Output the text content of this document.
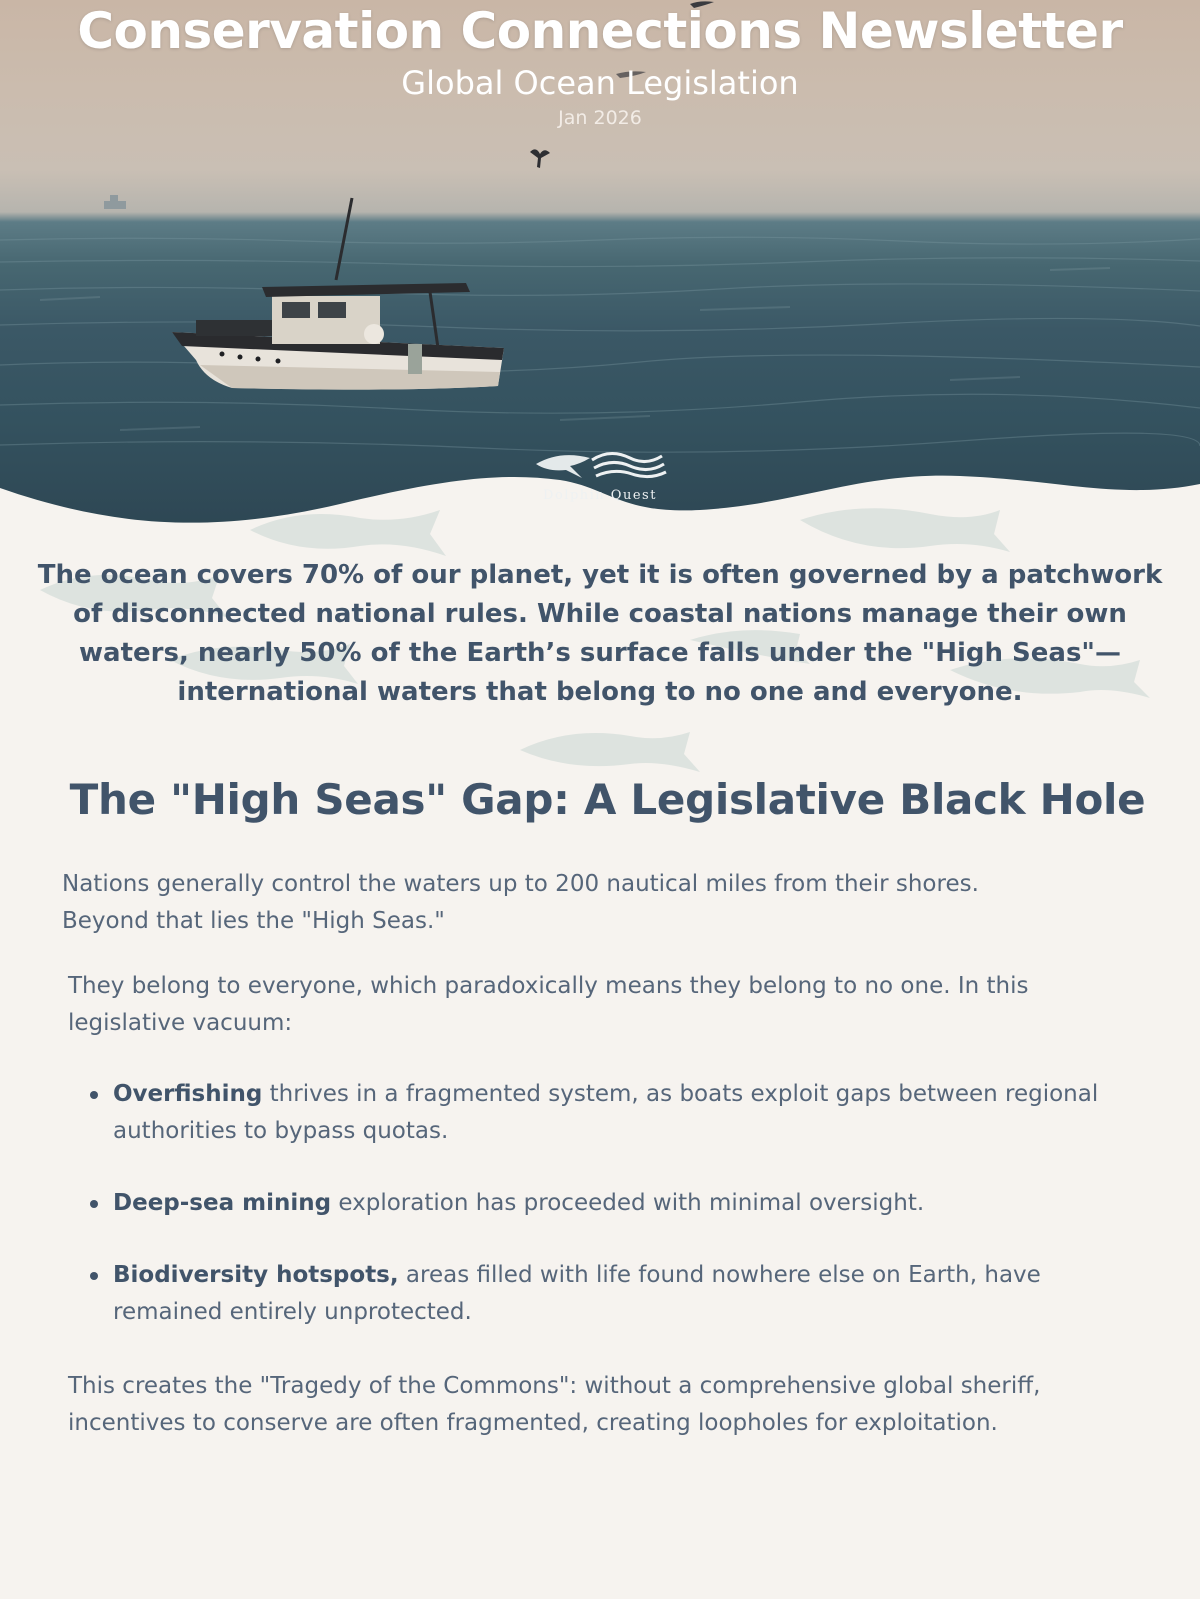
Conservation Connections Newsletter
Global Ocean Legislation
Jan 2026
Dolphin Quest

The ocean covers 70% of our planet, yet it is often governed by a patchwork of disconnected national rules. While coastal nations manage their own waters, nearly 50% of the Earth’s surface falls under the "High Seas"—international waters that belong to no one and everyone.

The "High Seas" Gap: A Legislative Black Hole

Nations generally control the waters up to 200 nautical miles from their shores. Beyond that lies the "High Seas."

They belong to everyone, which paradoxically means they belong to no one. In this legislative vacuum:

Overfishing thrives in a fragmented system, as boats exploit gaps between regional authorities to bypass quotas.
Deep-sea mining exploration has proceeded with minimal oversight.
Biodiversity hotspots, areas filled with life found nowhere else on Earth, have remained entirely unprotected.

This creates the "Tragedy of the Commons": without a comprehensive global sheriff, incentives to conserve are often fragmented, creating loopholes for exploitation.
